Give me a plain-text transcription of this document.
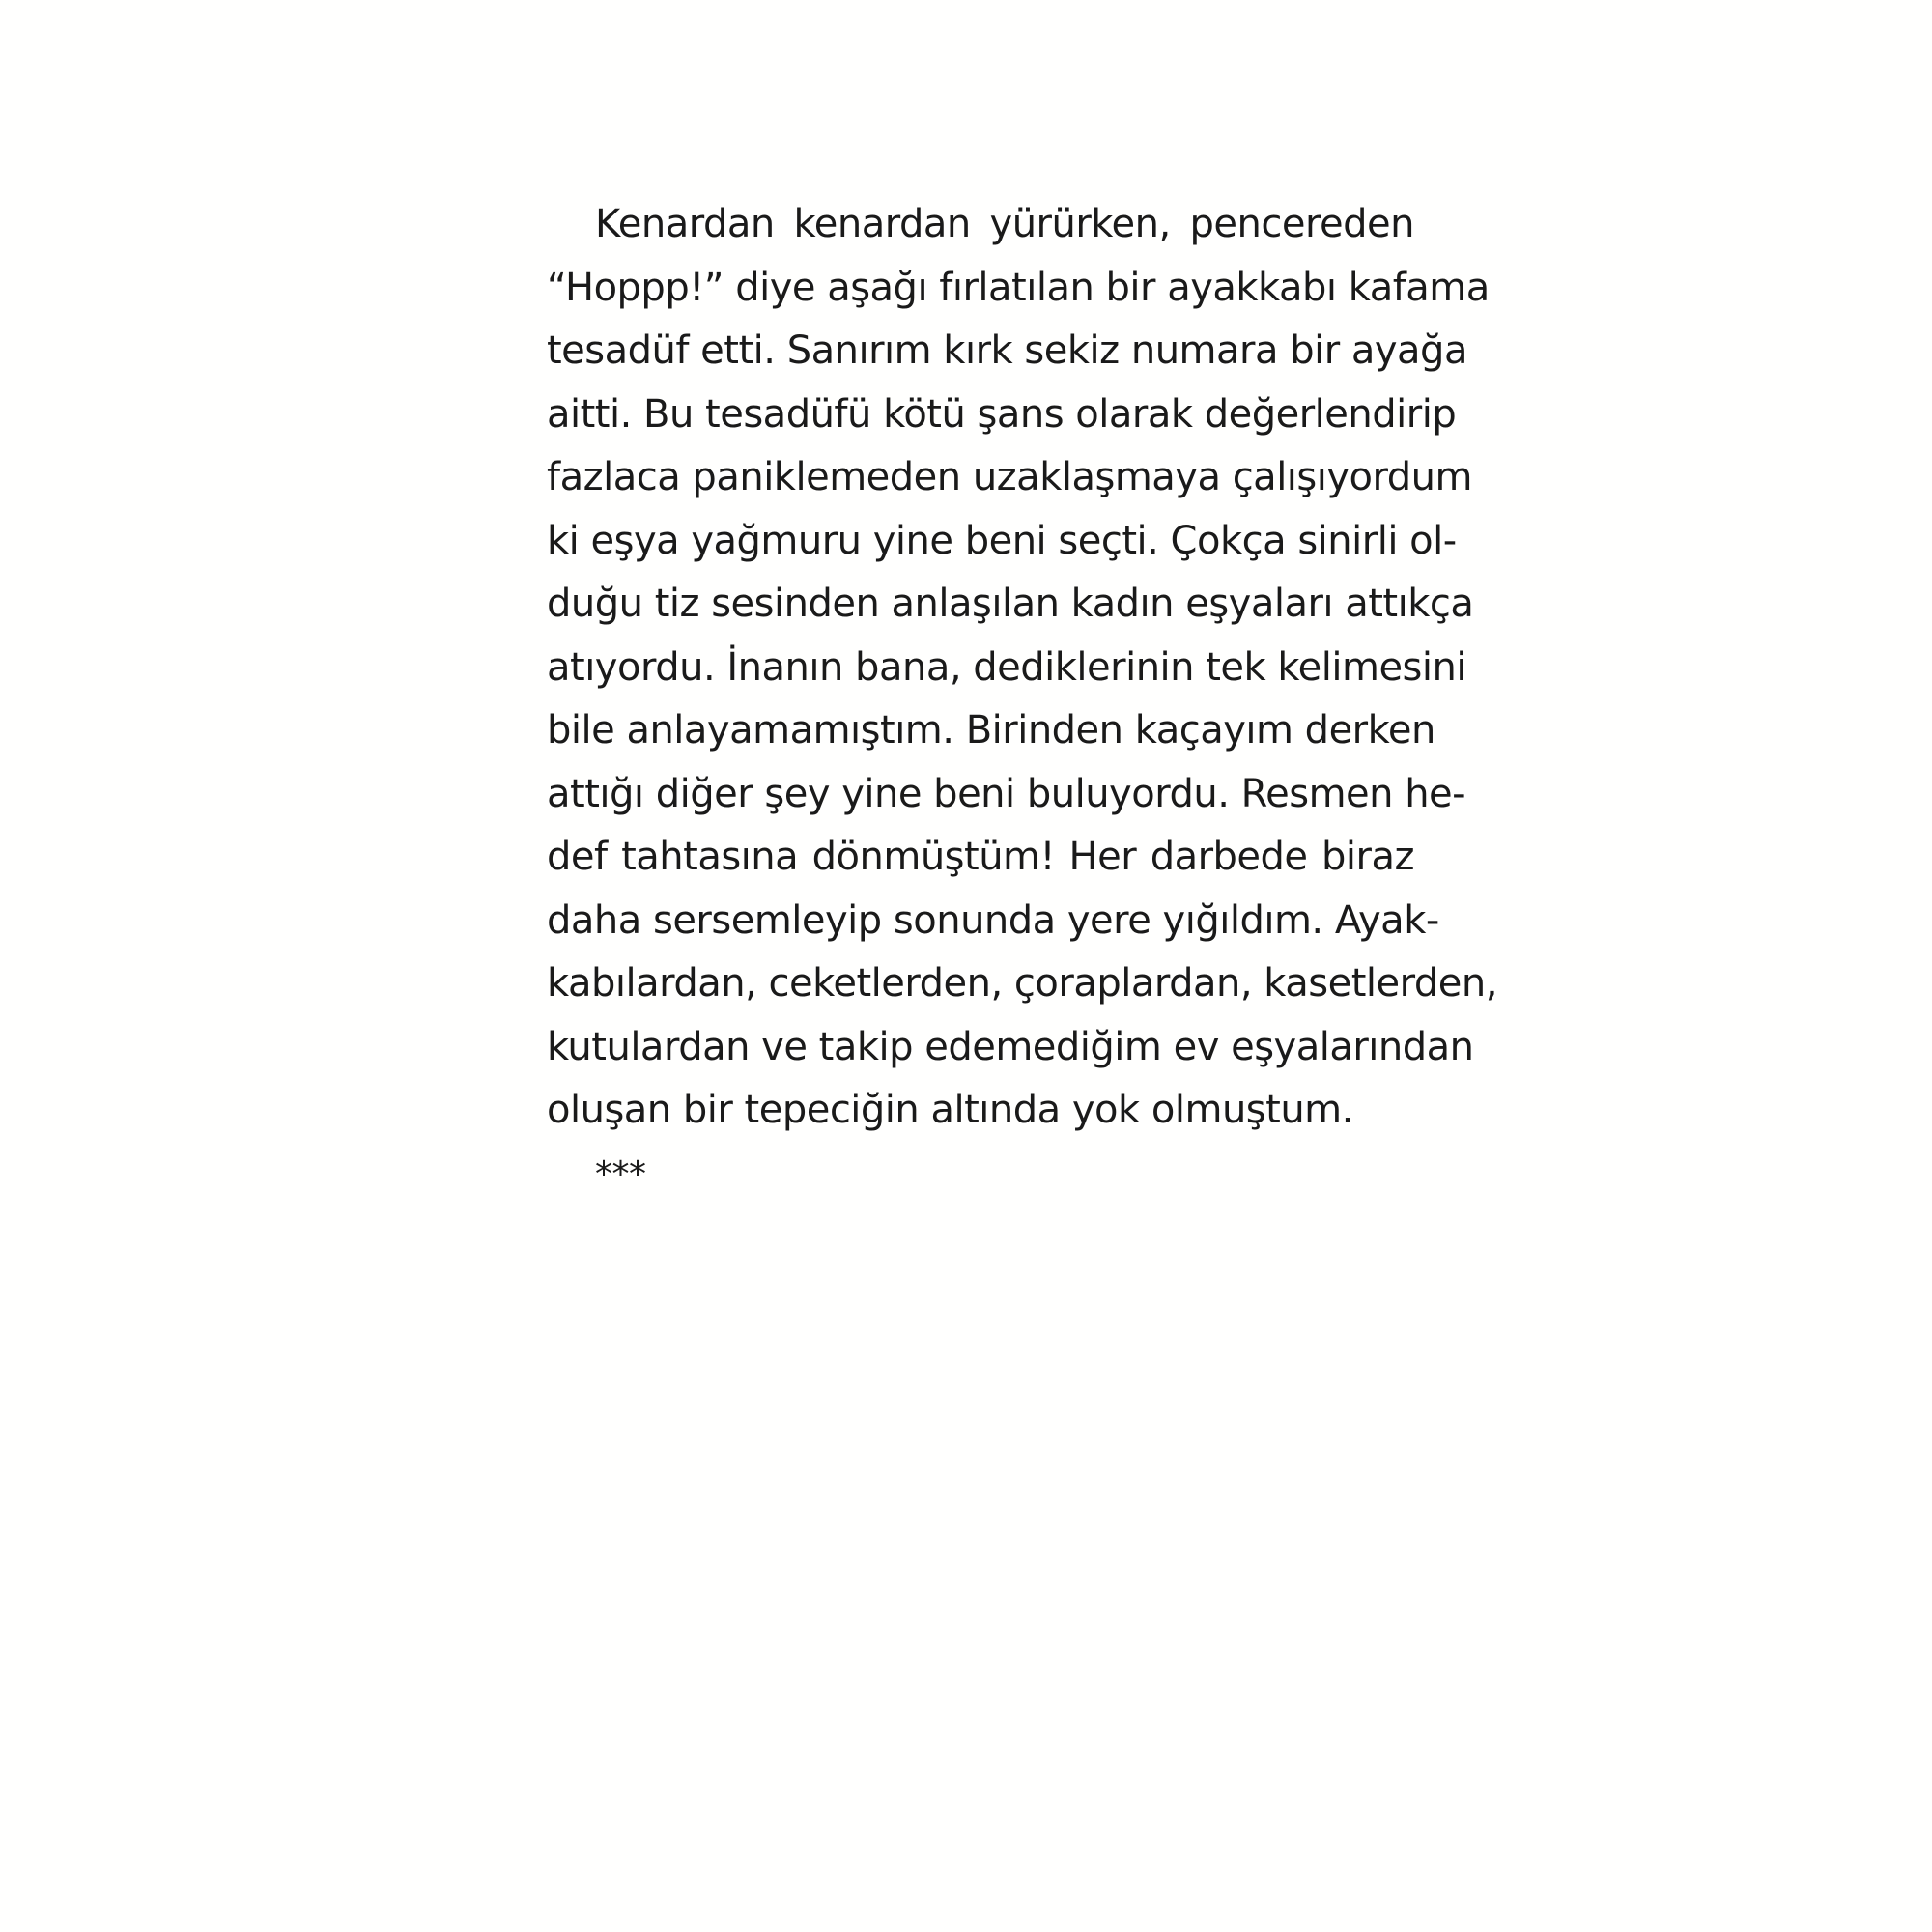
Kenardan kenardan yürürken, pencereden
“Hoppp!” diye aşağı fırlatılan bir ayakkabı kafama
tesadüf etti. Sanırım kırk sekiz numara bir ayağa
aitti. Bu tesadüfü kötü şans olarak değerlendirip
fazlaca paniklemeden uzaklaşmaya çalışıyordum
ki eşya yağmuru yine beni seçti. Çokça sinirli ol-
duğu tiz sesinden anlaşılan kadın eşyaları attıkça
atıyordu. İnanın bana, dediklerinin tek kelimesini
bile anlayamamıştım. Birinden kaçayım derken
attığı diğer şey yine beni buluyordu. Resmen he-
def tahtasına dönmüştüm! Her darbede biraz
daha sersemleyip sonunda yere yığıldım. Ayak-
kabılardan, ceketlerden, çoraplardan, kasetlerden,
kutulardan ve takip edemediğim ev eşyalarından
oluşan bir tepeciğin altında yok olmuştum.
***
